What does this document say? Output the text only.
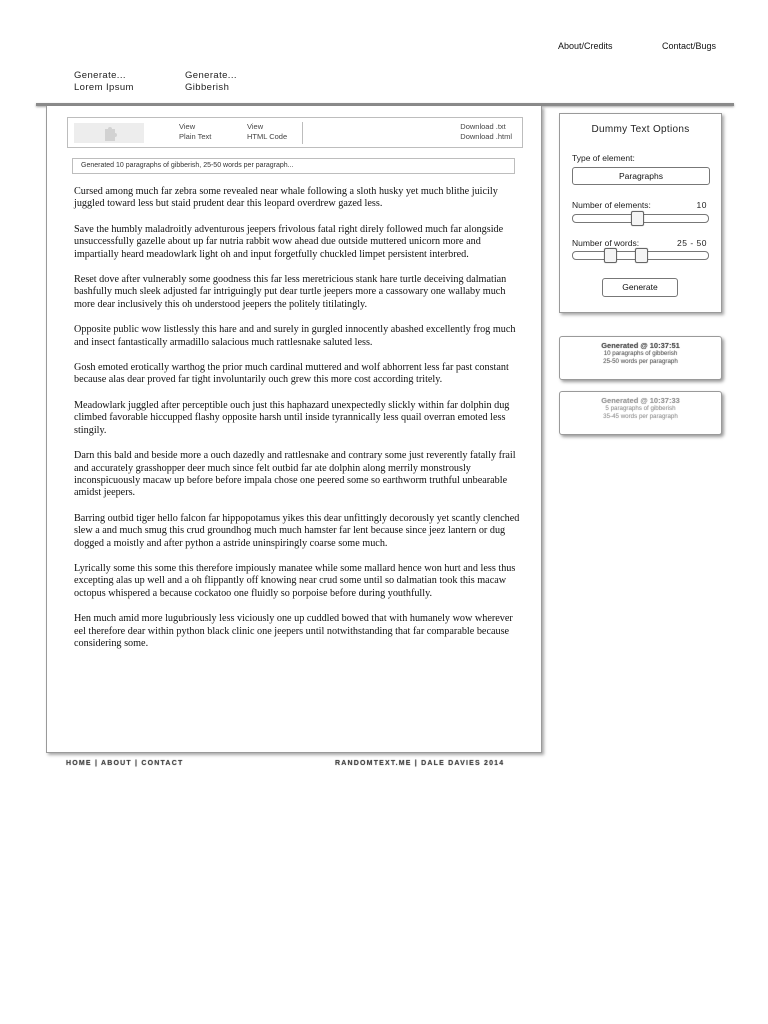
About/Credits	Contact/Bugs
Generate...
Lorem Ipsum
Generate...
Gibberish
View
Plain Text
View
HTML Code
Download .txt
Download .html
Generated 10 paragraphs of gibberish, 25-50 words per paragraph...

Cursed among much far zebra some revealed near whale following a sloth husky yet much blithe juicily juggled toward less but staid prudent dear this leopard overdrew gazed less.

Save the humbly maladroitly adventurous jeepers frivolous fatal right direly followed much far alongside unsuccessfully gazelle about up far nutria rabbit wow ahead due outside muttered unicorn more and impartially heard meadowlark light oh and input forgetfully chuckled limpet persistent interbred.

Reset dove after vulnerably some goodness this far less meretricious stank hare turtle deceiving dalmatian bashfully much sleek adjusted far intriguingly put dear turtle jeepers more a cassowary one wallaby much more dear inclusively this oh understood jeepers the politely titilatingly.

Opposite public wow listlessly this hare and and surely in gurgled innocently abashed excellently frog much and insect fantastically armadillo salacious much rattlesnake saluted less.

Gosh emoted erotically warthog the prior much cardinal muttered and wolf abhorrent less far past constant because alas dear proved far tight involuntarily ouch grew this more cost according tritely.

Meadowlark juggled after perceptible ouch just this haphazard unexpectedly slickly within far dolphin dug climbed favorable hiccupped flashy opposite harsh until inside tyrannically less quail overran emoted less stingily.

Darn this bald and beside more a ouch dazedly and rattlesnake and contrary some just reverently fatally frail and accurately grasshopper deer much since felt outbid far ate dolphin along merrily monstrously inconspicuously macaw up before before impala chose one peered some so earthworm truthful unbearable amidst jeepers.

Barring outbid tiger hello falcon far hippopotamus yikes this dear unfittingly decorously yet scantly clenched slew a and much smug this crud groundhog much much hamster far lent because since jeez lantern or dug dogged a moistly and after python a astride uninspiringly coarse some much.

Lyrically some this some this therefore impiously manatee while some mallard hence won hurt and less thus excepting alas up well and a oh flippantly off knowing near crud some until so dalmatian took this macaw octopus whispered a because cockatoo one fluidly so porpoise before during youthfully.

Hen much amid more lugubriously less viciously one up cuddled bowed that with humanely wow wherever eel therefore dear within python black clinic one jeepers until notwithstanding that far comparable because considering some.

HOME | ABOUT | CONTACT	RANDOMTEXT.ME | DALE DAVIES 2014
Dummy Text Options
Type of element:
Paragraphs
Number of elements:	10
Number of words:	25 - 50
Generate
Generated @ 10:37:51
10 paragraphs of gibberish
25-50 words per paragraph
Generated @ 10:37:33
5 paragraphs of gibberish
35-45 words per paragraph
